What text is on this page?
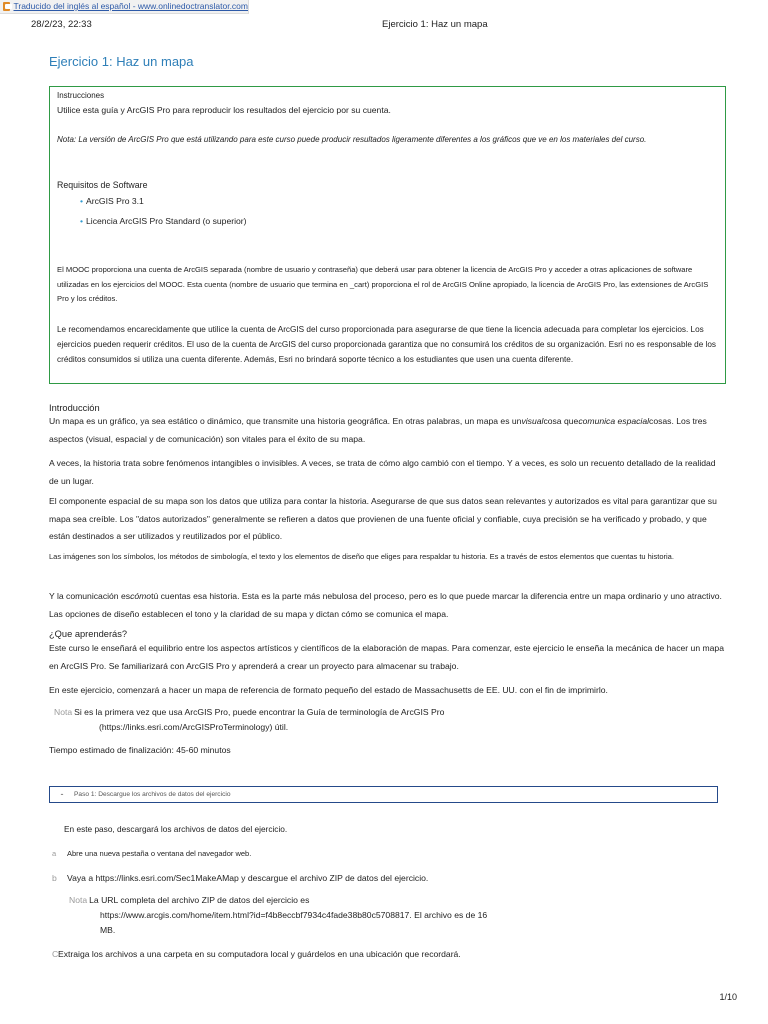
Traducido del inglés al español - www.onlinedoctranslator.com
28/2/23, 22:33	Ejercicio 1: Haz un mapa
Ejercicio 1: Haz un mapa
Instrucciones
Utilice esta guía y ArcGIS Pro para reproducir los resultados del ejercicio por su cuenta.
Nota: La versión de ArcGIS Pro que está utilizando para este curso puede producir resultados ligeramente diferentes a los gráficos que ve en los materiales del curso.
Requisitos de Software
• ArcGIS Pro 3.1
• Licencia ArcGIS Pro Standard (o superior)
El MOOC proporciona una cuenta de ArcGIS separada (nombre de usuario y contraseña) que deberá usar para obtener la licencia de ArcGIS Pro y acceder a otras aplicaciones de software utilizadas en los ejercicios del MOOC. Esta cuenta (nombre de usuario que termina en _cart) proporciona el rol de ArcGIS Online apropiado, la licencia de ArcGIS Pro, las extensiones de ArcGIS Pro y los créditos.
Le recomendamos encarecidamente que utilice la cuenta de ArcGIS del curso proporcionada para asegurarse de que tiene la licencia adecuada para completar los ejercicios. Los ejercicios pueden requerir créditos. El uso de la cuenta de ArcGIS del curso proporcionada garantiza que no consumirá los créditos de su organización. Esri no es responsable de los créditos consumidos si utiliza una cuenta diferente. Además, Esri no brindará soporte técnico a los estudiantes que usen una cuenta diferente.
Introducción
Un mapa es un gráfico, ya sea estático o dinámico, que transmite una historia geográfica. En otras palabras, un mapa es unvisualcosa quecomunica espacialcosas. Los tres aspectos (visual, espacial y de comunicación) son vitales para el éxito de su mapa.
A veces, la historia trata sobre fenómenos intangibles o invisibles. A veces, se trata de cómo algo cambió con el tiempo. Y a veces, es solo un recuento detallado de la realidad de un lugar.
El componente espacial de su mapa son los datos que utiliza para contar la historia. Asegurarse de que sus datos sean relevantes y autorizados es vital para garantizar que su mapa sea creíble. Los "datos autorizados" generalmente se refieren a datos que provienen de una fuente oficial y confiable, cuya precisión se ha verificado y probado, y que están destinados a ser utilizados y reutilizados por el público.
Las imágenes son los símbolos, los métodos de simbología, el texto y los elementos de diseño que eliges para respaldar tu historia. Es a través de estos elementos que cuentas tu historia.
Y la comunicación escómotú cuentas esa historia. Esta es la parte más nebulosa del proceso, pero es lo que puede marcar la diferencia entre un mapa ordinario y uno atractivo. Las opciones de diseño establecen el tono y la claridad de su mapa y dictan cómo se comunica el mapa.
¿Que aprenderás?
Este curso le enseñará el equilibrio entre los aspectos artísticos y científicos de la elaboración de mapas. Para comenzar, este ejercicio le enseña la mecánica de hacer un mapa en ArcGIS Pro. Se familiarizará con ArcGIS Pro y aprenderá a crear un proyecto para almacenar su trabajo.
En este ejercicio, comenzará a hacer un mapa de referencia de formato pequeño del estado de Massachusetts de EE. UU. con el fin de imprimirlo.
Nota Si es la primera vez que usa ArcGIS Pro, puede encontrar la Guía de terminología de ArcGIS Pro
(https://links.esri.com/ArcGISProTerminology) útil.
Tiempo estimado de finalización: 45-60 minutos
-	Paso 1: Descargue los archivos de datos del ejercicio
En este paso, descargará los archivos de datos del ejercicio.
a Abre una nueva pestaña o ventana del navegador web.
b Vaya a https://links.esri.com/Sec1MakeAMap y descargue el archivo ZIP de datos del ejercicio.
Nota La URL completa del archivo ZIP de datos del ejercicio es
https://www.arcgis.com/home/item.html?id=f4b8eccbf7934c4fade38b80c5708817. El archivo es de 16
MB.
CExtraiga los archivos a una carpeta en su computadora local y guárdelos en una ubicación que recordará.
1/10
